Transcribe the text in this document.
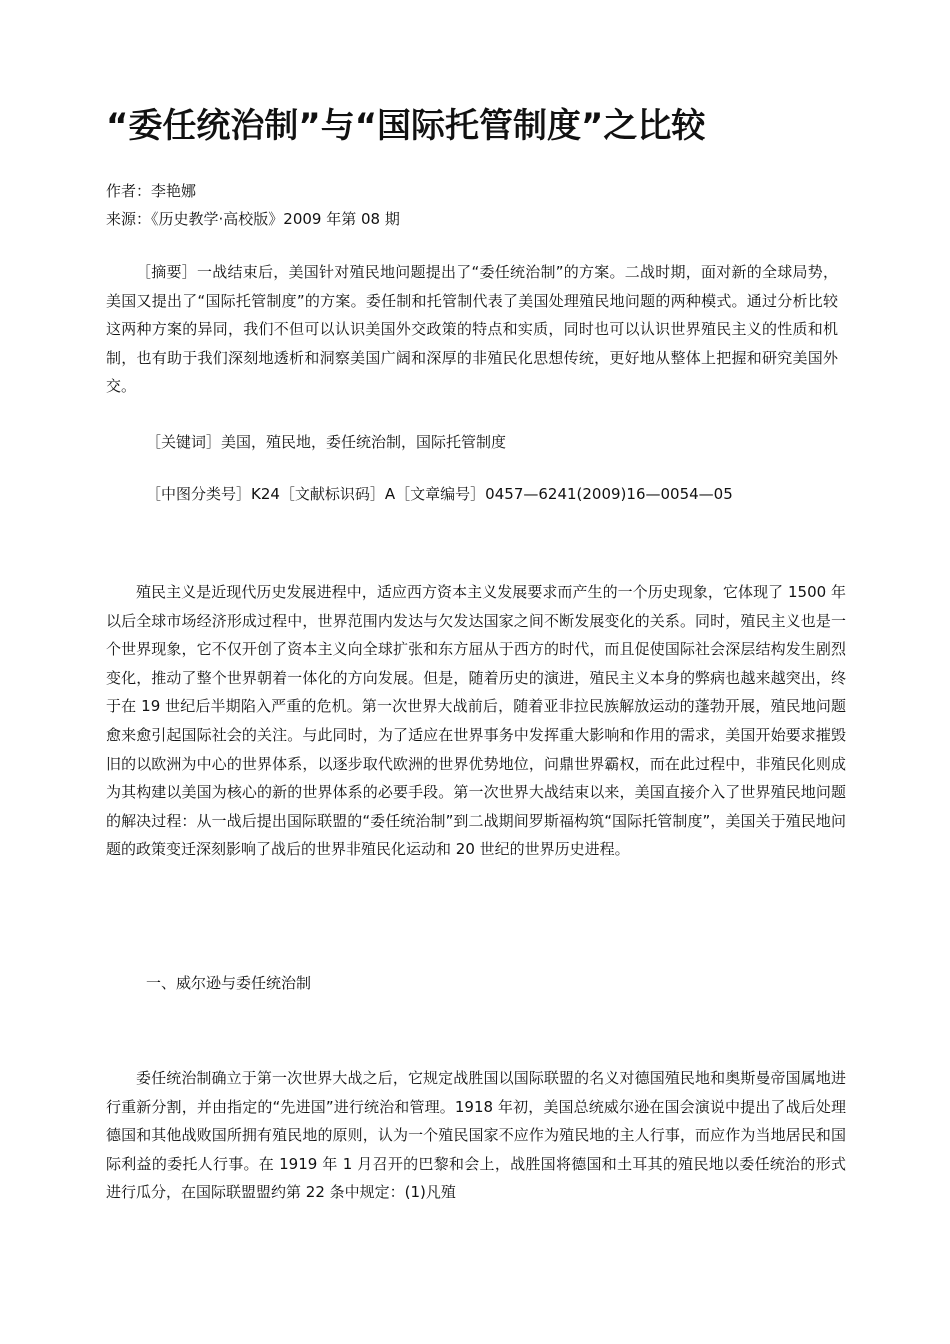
“委任统治制”与“国际托管制度”之比较
作者：李艳娜
来源：《历史教学·高校版》2009 年第 08 期
［摘要］一战结束后，美国针对殖民地问题提出了“委任统治制”的方案。二战时期，面对新的全球局势，美国又提出了“国际托管制度”的方案。委任制和托管制代表了美国处理殖民地问题的两种模式。通过分析比较这两种方案的异同，我们不但可以认识美国外交政策的特点和实质，同时也可以认识世界殖民主义的性质和机制，也有助于我们深刻地透析和洞察美国广阔和深厚的非殖民化思想传统，更好地从整体上把握和研究美国外交。
［关键词］美国，殖民地，委任统治制，国际托管制度
［中图分类号］K24［文献标识码］A［文章编号］0457—6241(2009)16—0054—05
殖民主义是近现代历史发展进程中，适应西方资本主义发展要求而产生的一个历史现象，它体现了 1500 年以后全球市场经济形成过程中，世界范围内发达与欠发达国家之间不断发展变化的关系。同时，殖民主义也是一个世界现象，它不仅开创了资本主义向全球扩张和东方屈从于西方的时代，而且促使国际社会深层结构发生剧烈变化，推动了整个世界朝着一体化的方向发展。但是，随着历史的演进，殖民主义本身的弊病也越来越突出，终于在 19 世纪后半期陷入严重的危机。第一次世界大战前后，随着亚非拉民族解放运动的蓬勃开展，殖民地问题愈来愈引起国际社会的关注。与此同时，为了适应在世界事务中发挥重大影响和作用的需求，美国开始要求摧毁旧的以欧洲为中心的世界体系，以逐步取代欧洲的世界优势地位，问鼎世界霸权，而在此过程中，非殖民化则成为其构建以美国为核心的新的世界体系的必要手段。第一次世界大战结束以来，美国直接介入了世界殖民地问题的解决过程：从一战后提出国际联盟的“委任统治制”到二战期间罗斯福构筑“国际托管制度”，美国关于殖民地问题的政策变迁深刻影响了战后的世界非殖民化运动和 20 世纪的世界历史进程。
一、威尔逊与委任统治制
委任统治制确立于第一次世界大战之后，它规定战胜国以国际联盟的名义对德国殖民地和奥斯曼帝国属地进行重新分割，并由指定的“先进国”进行统治和管理。1918 年初，美国总统威尔逊在国会演说中提出了战后处理德国和其他战败国所拥有殖民地的原则，认为一个殖民国家不应作为殖民地的主人行事，而应作为当地居民和国际利益的委托人行事。在 1919 年 1 月召开的巴黎和会上，战胜国将德国和土耳其的殖民地以委任统治的形式进行瓜分，在国际联盟盟约第 22 条中规定：(1)凡殖
